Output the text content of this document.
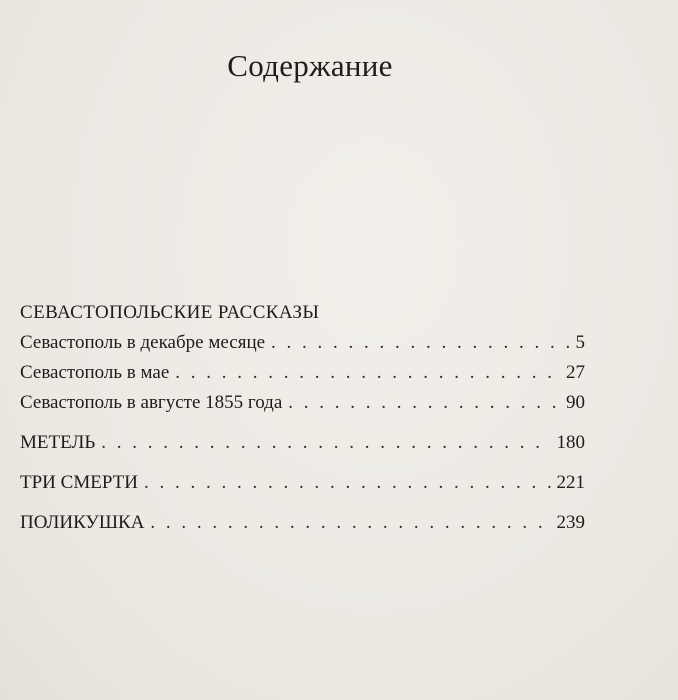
Содержание
СЕВАСТОПОЛЬСКИЕ РАССКАЗЫ
Севастополь в декабре месяце . . .	5
Севастополь в мае . . .	27
Севастополь в августе 1855 года . . .	90
МЕТЕЛЬ . . .	180
ТРИ СМЕРТИ . . .	221
ПОЛИКУШКА . . .	239
